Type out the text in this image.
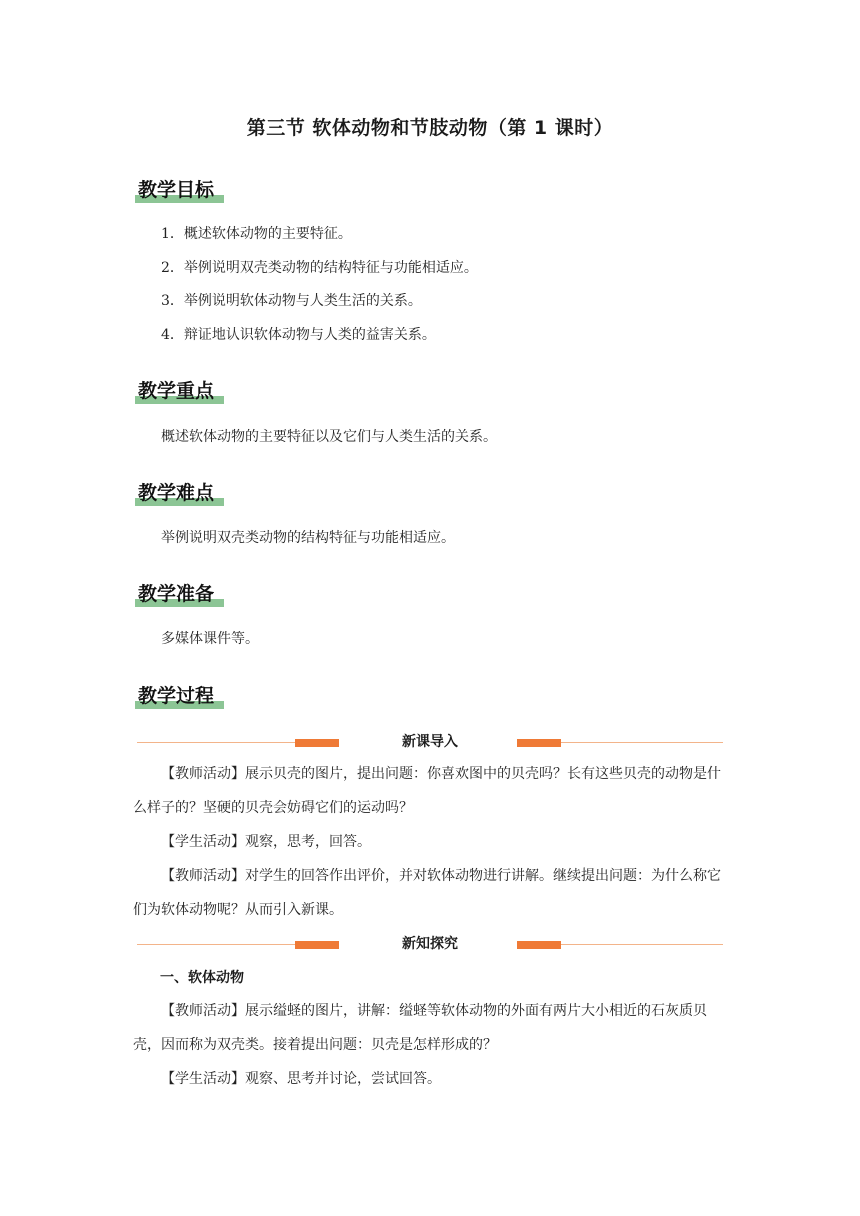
第三节 软体动物和节肢动物（第 1 课时）
教学目标
1．概述软体动物的主要特征。
2．举例说明双壳类动物的结构特征与功能相适应。
3．举例说明软体动物与人类生活的关系。
4．辩证地认识软体动物与人类的益害关系。
教学重点
概述软体动物的主要特征以及它们与人类生活的关系。
教学难点
举例说明双壳类动物的结构特征与功能相适应。
教学准备
多媒体课件等。
教学过程
新课导入

【教师活动】展示贝壳的图片，提出问题：你喜欢图中的贝壳吗？长有这些贝壳的动物是什么样子的？坚硬的贝壳会妨碍它们的运动吗？

【学生活动】观察，思考，回答。

【教师活动】对学生的回答作出评价，并对软体动物进行讲解。继续提出问题：为什么称它们为软体动物呢？从而引入新课。

新知探究
一、软体动物

【教师活动】展示缢蛏的图片，讲解：缢蛏等软体动物的外面有两片大小相近的石灰质贝壳，因而称为双壳类。接着提出问题：贝壳是怎样形成的？

【学生活动】观察、思考并讨论，尝试回答。
